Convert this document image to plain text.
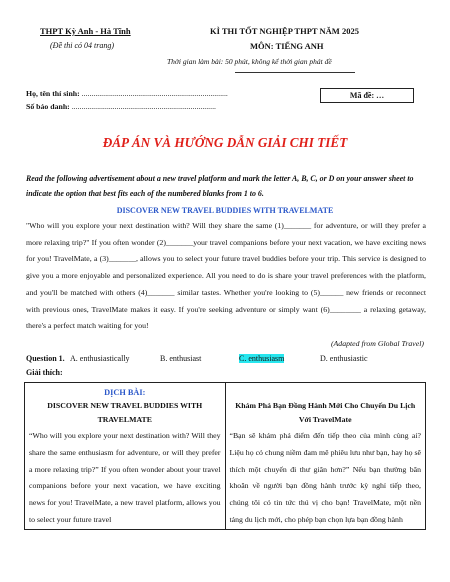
THPT Kỳ Anh - Hà Tĩnh
(Đề thi có 04 trang)
KÌ THI TỐT NGHIỆP THPT NĂM 2025
MÔN: TIẾNG ANH
Thời gian làm bài: 50 phút, không kể thời gian phát đề
Họ, tên thí sinh: ...........................................................................
Số báo danh: ..........................................................................
Mã đề: …
ĐÁP ÁN VÀ HƯỚNG DẪN GIẢI CHI TIẾT
Read the following advertisement about a new travel platform and mark the letter A, B, C, or D on your answer sheet to indicate the option that best fits each of the numbered blanks from 1 to 6.
DISCOVER NEW TRAVEL BUDDIES WITH TRAVELMATE

"Who will you explore your next destination with? Will they share the same (1)_______ for adventure, or will they prefer a more relaxing trip?" If you often wonder (2)_______your travel companions before your next vacation, we have exciting news for you! TravelMate, a (3)_______, allows you to select your future travel buddies before your trip. This service is designed to give you a more enjoyable and personalized experience. All you need to do is share your travel preferences with the platform, and you'll be matched with others (4)_______ similar tastes. Whether you're looking to (5)______ new friends or reconnect with previous ones, TravelMate makes it easy. If you're seeking adventure or simply want (6)________ a relaxing getaway, there's a perfect match waiting for you!

(Adapted from Global Travel)
Question 1. A. enthusiastically	B. enthusiast	C. enthusiasm	D. enthusiastic
Giải thích:
DỊCH BÀI:
DISCOVER NEW TRAVEL BUDDIES WITH TRAVELMATE
“Who will you explore your next destination with? Will they share the same enthusiasm for adventure, or will they prefer a more relaxing trip?” If you often wonder about your travel companions before your next vacation, we have exciting news for you! TravelMate, a new travel platform, allows you to select your future travel

Khám Phá Bạn Đồng Hành Mới Cho Chuyến Du Lịch Với TravelMate
“Bạn sẽ khám phá điểm đến tiếp theo của mình cùng ai? Liệu họ có chung niềm đam mê phiêu lưu như bạn, hay họ sẽ thích một chuyến đi thư giãn hơn?” Nếu bạn thường băn khoăn về người bạn đồng hành trước kỳ nghỉ tiếp theo, chúng tôi có tin tức thú vị cho bạn! TravelMate, một nền tảng du lịch mới, cho phép bạn chọn lựa bạn đồng hành
